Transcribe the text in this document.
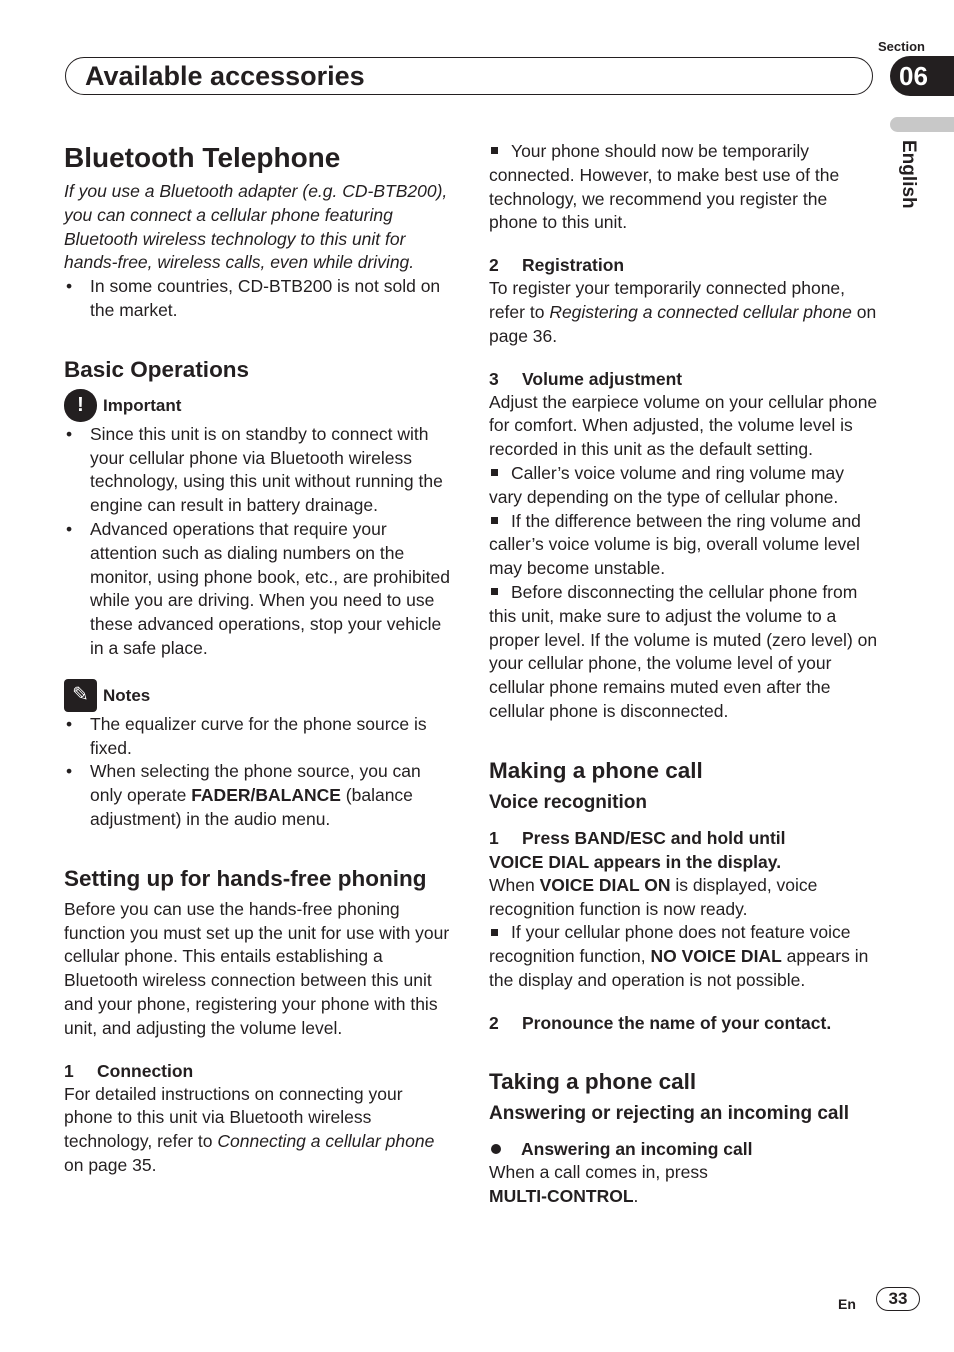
Section
Available accessories	06
English
Bluetooth Telephone

If you use a Bluetooth adapter (e.g. CD-BTB200), you can connect a cellular phone featuring Bluetooth wireless technology to this unit for hands-free, wireless calls, even while driving.

• In some countries, CD-BTB200 is not sold on the market.

Basic Operations
!	Important

• Since this unit is on standby to connect with your cellular phone via Bluetooth wireless technology, using this unit without running the engine can result in battery drainage.

• Advanced operations that require your attention such as dialing numbers on the monitor, using phone book, etc., are prohibited while you are driving. When you need to use these advanced operations, stop your vehicle in a safe place.

✎ Notes

• The equalizer curve for the phone source is fixed.

• When selecting the phone source, you can only operate FADER/BALANCE (balance adjustment) in the audio menu.

Setting up for hands-free phoning

Before you can use the hands-free phoning function you must set up the unit for use with your cellular phone. This entails establishing a Bluetooth wireless connection between this unit and your phone, registering your phone with this unit, and adjusting the volume level.

1 Connection

For detailed instructions on connecting your phone to this unit via Bluetooth wireless technology, refer to Connecting a cellular phone on page 35.

Your phone should now be temporarily connected. However, to make best use of the technology, we recommend you register the phone to this unit.

2 Registration

To register your temporarily connected phone, refer to Registering a connected cellular phone on page 36.

3 Volume adjustment

Adjust the earpiece volume on your cellular phone for comfort. When adjusted, the volume level is recorded in this unit as the default setting.

Caller’s voice volume and ring volume may vary depending on the type of cellular phone.

If the difference between the ring volume and caller’s voice volume is big, overall volume level may become unstable.

Before disconnecting the cellular phone from this unit, make sure to adjust the volume to a proper level. If the volume is muted (zero level) on your cellular phone, the volume level of your cellular phone remains muted even after the cellular phone is disconnected.

Making a phone call
Voice recognition
1 Press BAND/ESC and hold until
VOICE DIAL appears in the display.

When VOICE DIAL ON is displayed, voice recognition function is now ready.

If your cellular phone does not feature voice recognition function, NO VOICE DIAL appears in the display and operation is not possible.

2 Pronounce the name of your contact.
Taking a phone call
Answering or rejecting an incoming call
Answering an incoming call

When a call comes in, press
MULTI-CONTROL.

En	33
